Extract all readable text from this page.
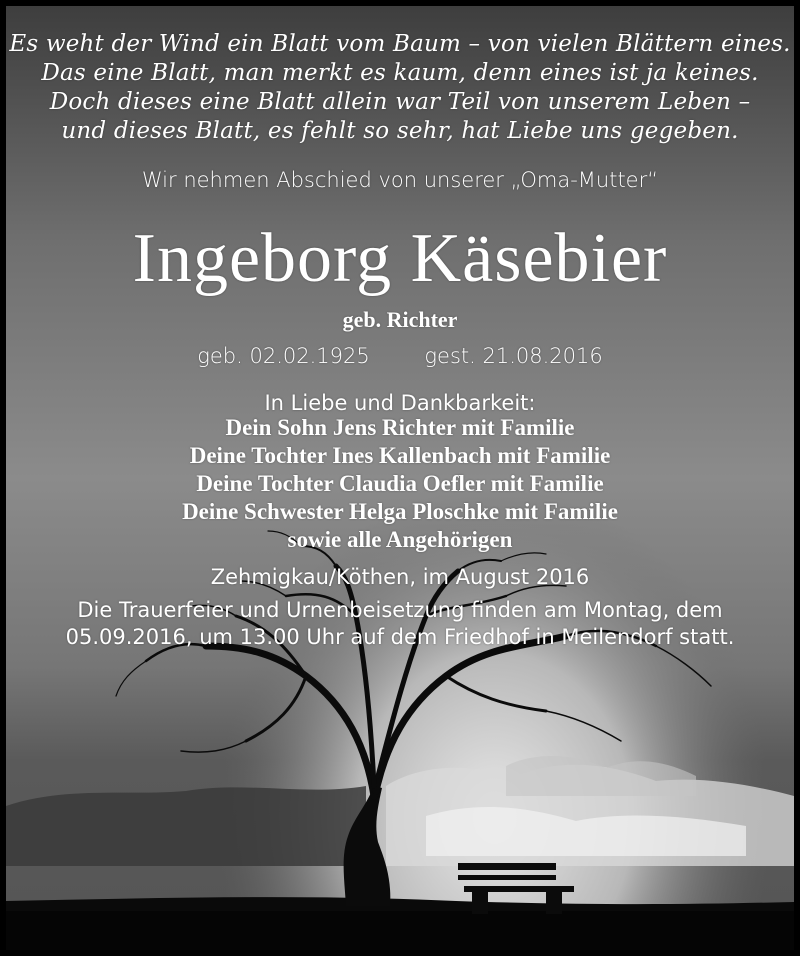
Es weht der Wind ein Blatt vom Baum – von vielen Blättern eines.
Das eine Blatt, man merkt es kaum, denn eines ist ja keines.
Doch dieses eine Blatt allein war Teil von unserem Leben –
und dieses Blatt, es fehlt so sehr, hat Liebe uns gegeben.
Wir nehmen Abschied von unserer „Oma-Mutter“
Ingeborg Käsebier
geb. Richter
geb. 02.02.1925	gest. 21.08.2016
In Liebe und Dankbarkeit:
Dein Sohn Jens Richter mit Familie
Deine Tochter Ines Kallenbach mit Familie
Deine Tochter Claudia Oefler mit Familie
Deine Schwester Helga Ploschke mit Familie
sowie alle Angehörigen
Zehmigkau/Köthen, im August 2016
Die Trauerfeier und Urnenbeisetzung finden am Montag, dem
05.09.2016, um 13.00 Uhr auf dem Friedhof in Meilendorf statt.
